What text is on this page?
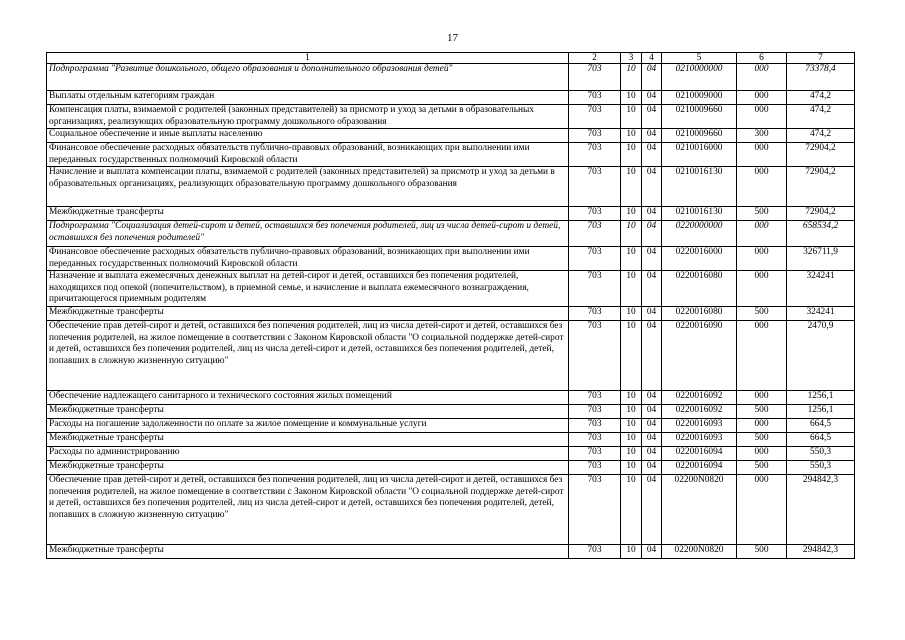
17
1	2	3	4	5	6	7
Подпрограмма "Развитие дошкольного, общего образования и дополнительного образования детей"	703	10	04	0210000000	000	73378,4
Выплаты отдельным категориям граждан	703	10	04	0210009000	000	474,2
Компенсация платы, взимаемой с родителей (законных представителей) за присмотр и уход за детьми в образовательных организациях, реализующих образовательную программу дошкольного образования	703	10	04	0210009660	000	474,2
Социальное обеспечение и иные выплаты населению	703	10	04	0210009660	300	474,2
Финансовое обеспечение расходных обязательств публично-правовых образований, возникающих при выполнении ими переданных государственных полномочий Кировской области	703	10	04	0210016000	000	72904,2
Начисление и выплата компенсации платы, взимаемой с родителей (законных представителей) за присмотр и уход за детьми в образовательных организациях, реализующих образовательную программу дошкольного образования	703	10	04	0210016130	000	72904,2
Межбюджетные трансферты	703	10	04	0210016130	500	72904,2
Подпрограмма "Социализация детей-сирот и детей, оставшихся без попечения родителей, лиц из числа детей-сирот и детей, оставшихся без попечения родителей"	703	10	04	0220000000	000	658534,2
Финансовое обеспечение расходных обязательств публично-правовых образований, возникающих при выполнении ими переданных государственных полномочий Кировской области	703	10	04	0220016000	000	326711,9
Назначение и выплата ежемесячных денежных выплат на детей-сирот и детей, оставшихся без попечения родителей, находящихся под опекой (попечительством), в приемной семье, и начисление и выплата ежемесячного вознаграждения, причитающегося приемным родителям	703	10	04	0220016080	000	324241
Межбюджетные трансферты	703	10	04	0220016080	500	324241
Обеспечение прав детей-сирот и детей, оставшихся без попечения родителей, лиц из числа детей-сирот и детей, оставшихся без попечения родителей, на жилое помещение в соответствии с Законом Кировской области "О социальной поддержке детей-сирот и детей, оставшихся без попечения родителей, лиц из числа детей-сирот и детей, оставшихся без попечения родителей, детей, попавших в сложную жизненную ситуацию"	703	10	04	0220016090	000	2470,9
Обеспечение надлежащего санитарного и технического состояния жилых помещений	703	10	04	0220016092	000	1256,1
Межбюджетные трансферты	703	10	04	0220016092	500	1256,1
Расходы на погашение задолженности по оплате за жилое помещение и коммунальные услуги	703	10	04	0220016093	000	664,5
Межбюджетные трансферты	703	10	04	0220016093	500	664,5
Расходы по администрированию	703	10	04	0220016094	000	550,3
Межбюджетные трансферты	703	10	04	0220016094	500	550,3
Обеспечение прав детей-сирот и детей, оставшихся без попечения родителей, лиц из числа детей-сирот и детей, оставшихся без попечения родителей, на жилое помещение в соответствии с Законом Кировской области "О социальной поддержке детей-сирот и детей, оставшихся без попечения родителей, лиц из числа детей-сирот и детей, оставшихся без попечения родителей, детей, попавших в сложную жизненную ситуацию"	703	10	04	02200N0820	000	294842,3
Межбюджетные трансферты	703	10	04	02200N0820	500	294842,3
